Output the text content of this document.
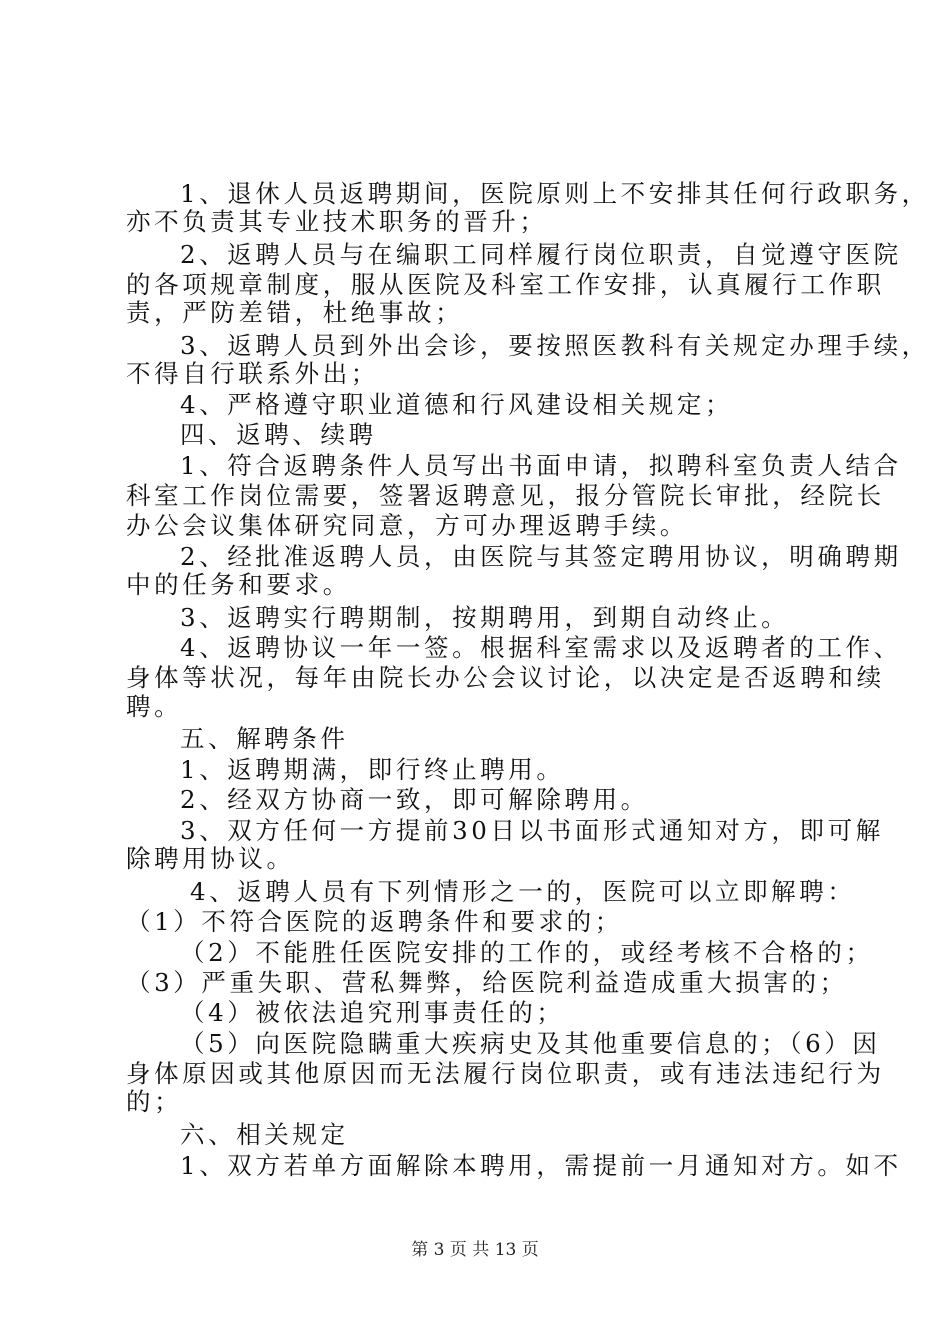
1、退休人员返聘期间，医院原则上不安排其任何行政职务，
亦不负责其专业技术职务的晋升；
2、返聘人员与在编职工同样履行岗位职责，自觉遵守医院
的各项规章制度，服从医院及科室工作安排，认真履行工作职
责，严防差错，杜绝事故；
3、返聘人员到外出会诊，要按照医教科有关规定办理手续，
不得自行联系外出；
4、严格遵守职业道德和行风建设相关规定；
四、返聘、续聘
1、符合返聘条件人员写出书面申请，拟聘科室负责人结合
科室工作岗位需要，签署返聘意见，报分管院长审批，经院长
办公会议集体研究同意，方可办理返聘手续。
2、经批准返聘人员，由医院与其签定聘用协议，明确聘期
中的任务和要求。
3、返聘实行聘期制，按期聘用，到期自动终止。
4、返聘协议一年一签。根据科室需求以及返聘者的工作、
身体等状况，每年由院长办公会议讨论，以决定是否返聘和续
聘。
五、解聘条件
1、返聘期满，即行终止聘用。
2、经双方协商一致，即可解除聘用。
3、双方任何一方提前30日以书面形式通知对方，即可解
除聘用协议。
4、返聘人员有下列情形之一的，医院可以立即解聘：
（1）不符合医院的返聘条件和要求的；
（2）不能胜任医院安排的工作的，或经考核不合格的；
（3）严重失职、营私舞弊，给医院利益造成重大损害的；
（4）被依法追究刑事责任的；
（5）向医院隐瞒重大疾病史及其他重要信息的；（6）因
身体原因或其他原因而无法履行岗位职责，或有违法违纪行为
的；
六、相关规定
1、双方若单方面解除本聘用，需提前一月通知对方。如不
第 3 页 共 13 页
